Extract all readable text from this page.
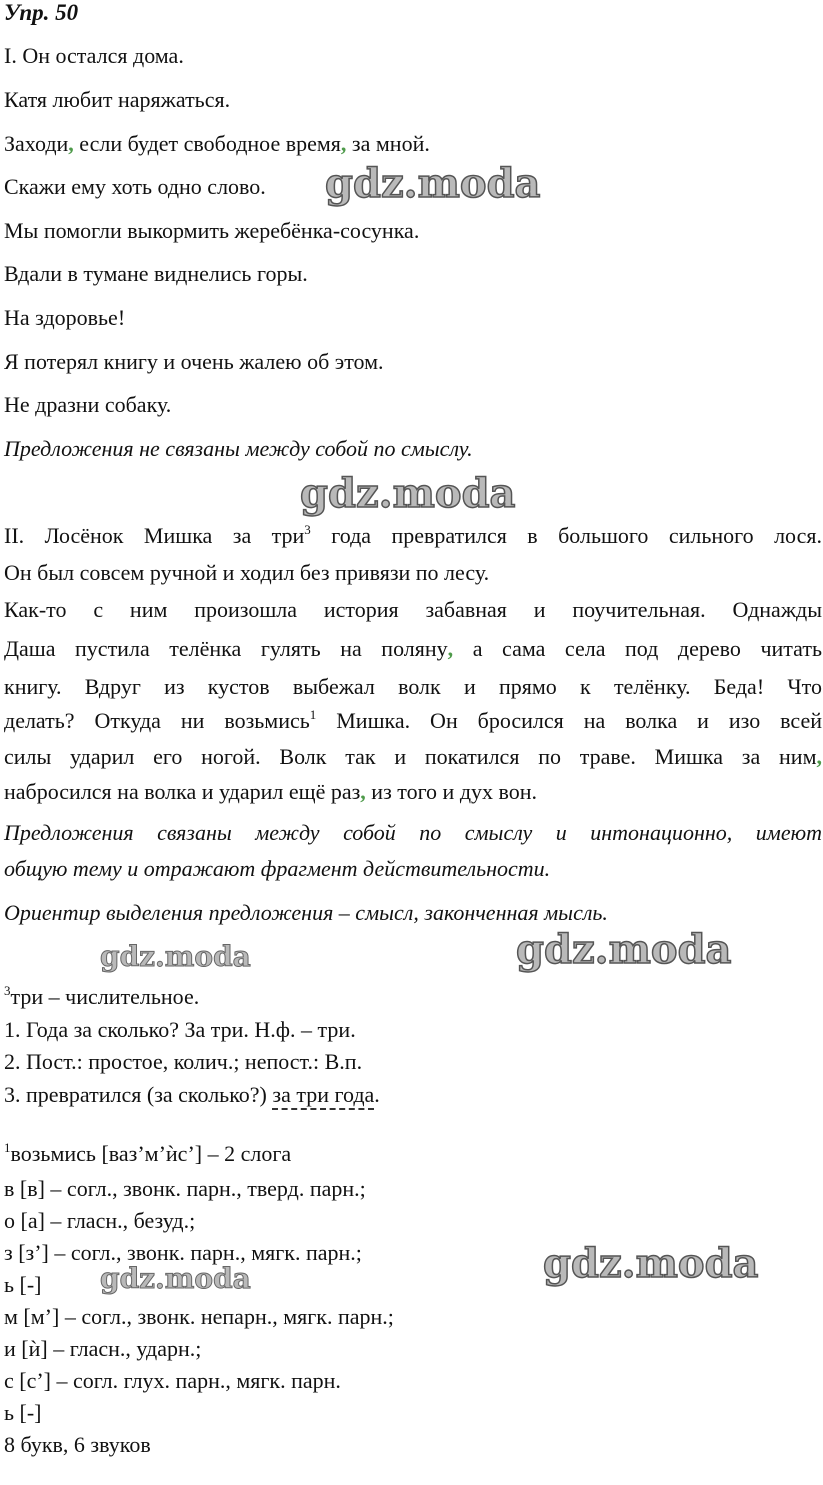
Упр. 50
I. Он остался дома.
Катя любит наряжаться.
Заходи, если будет свободное время, за мной.
Скажи ему хоть одно слово.
Мы помогли выкормить жеребёнка-сосунка.
Вдали в тумане виднелись горы.
На здоровье!
Я потерял книгу и очень жалею об этом.
Не дразни собаку.
Предложения не связаны между собой по смыслу.
II. Лосёнок Мишка за три$^3$ года превратился в большого сильного лося.
Он был совсем ручной и ходил без привязи по лесу.
Как-то с ним произошла история забавная и поучительная. Однажды
Даша пустила телёнка гулять на поляну, а сама села под дерево читать
книгу. Вдруг из кустов выбежал волк и прямо к телёнку. Беда! Что
делать? Откуда ни возьмись$^1$ Мишка. Он бросился на волка и изо всей
силы ударил его ногой. Волк так и покатился по траве. Мишка за ним,
набросился на волка и ударил ещё раз, из того и дух вон.
Предложения связаны между собой по смыслу и интонационно, имеют
общую тему и отражают фрагмент действительности.
Ориентир выделения предложения – смысл, законченная мысль.
$^3$три – числительное.
1. Года за сколько? За три. Н.ф. – три.
2. Пост.: простое, колич.; непост.: В.п.
3. превратился (за сколько?) за три года.
$^1$возьмись [ваз’м’ѝс’] – 2 слога
в [в] – согл., звонк. парн., тверд. парн.;
о [а] – гласн., безуд.;
з [з’] – согл., звонк. парн., мягк. парн.;
ь [-]
м [м’] – согл., звонк. непарн., мягк. парн.;
и [ѝ] – гласн., ударн.;
с [с’] – согл. глух. парн., мягк. парн.
ь [-]
8 букв, 6 звуков
gdz.moda
gdz.moda
gdz.moda
gdz.moda
gdz.moda
gdz.moda
